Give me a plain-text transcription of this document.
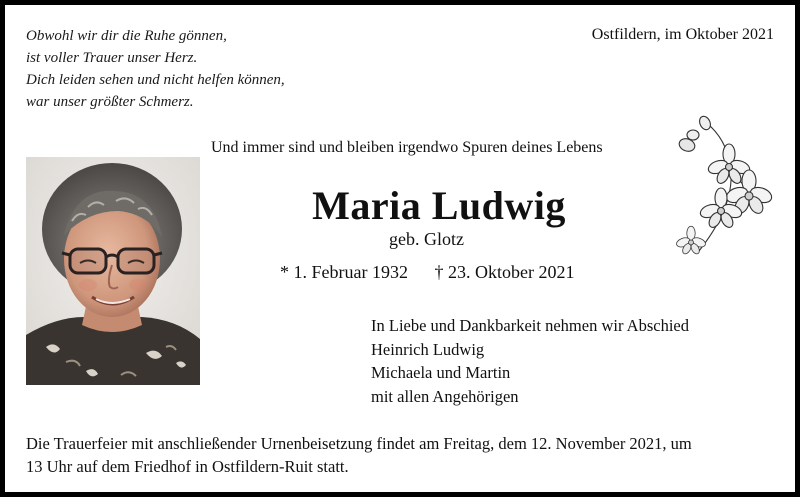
Obwohl wir dir die Ruhe gönnen,
ist voller Trauer unser Herz.
Dich leiden sehen und nicht helfen können,
war unser größter Schmerz.
Ostfildern, im Oktober 2021
Und immer sind und bleiben irgendwo Spuren deines Lebens
Maria Ludwig
geb. Glotz
* 1. Februar 1932 † 23. Oktober 2021
In Liebe und Dankbarkeit nehmen wir Abschied
Heinrich Ludwig
Michaela und Martin
mit allen Angehörigen
Die Trauerfeier mit anschließender Urnenbeisetzung findet am Freitag, dem 12. November 2021, um
13 Uhr auf dem Friedhof in Ostfildern-Ruit statt.
